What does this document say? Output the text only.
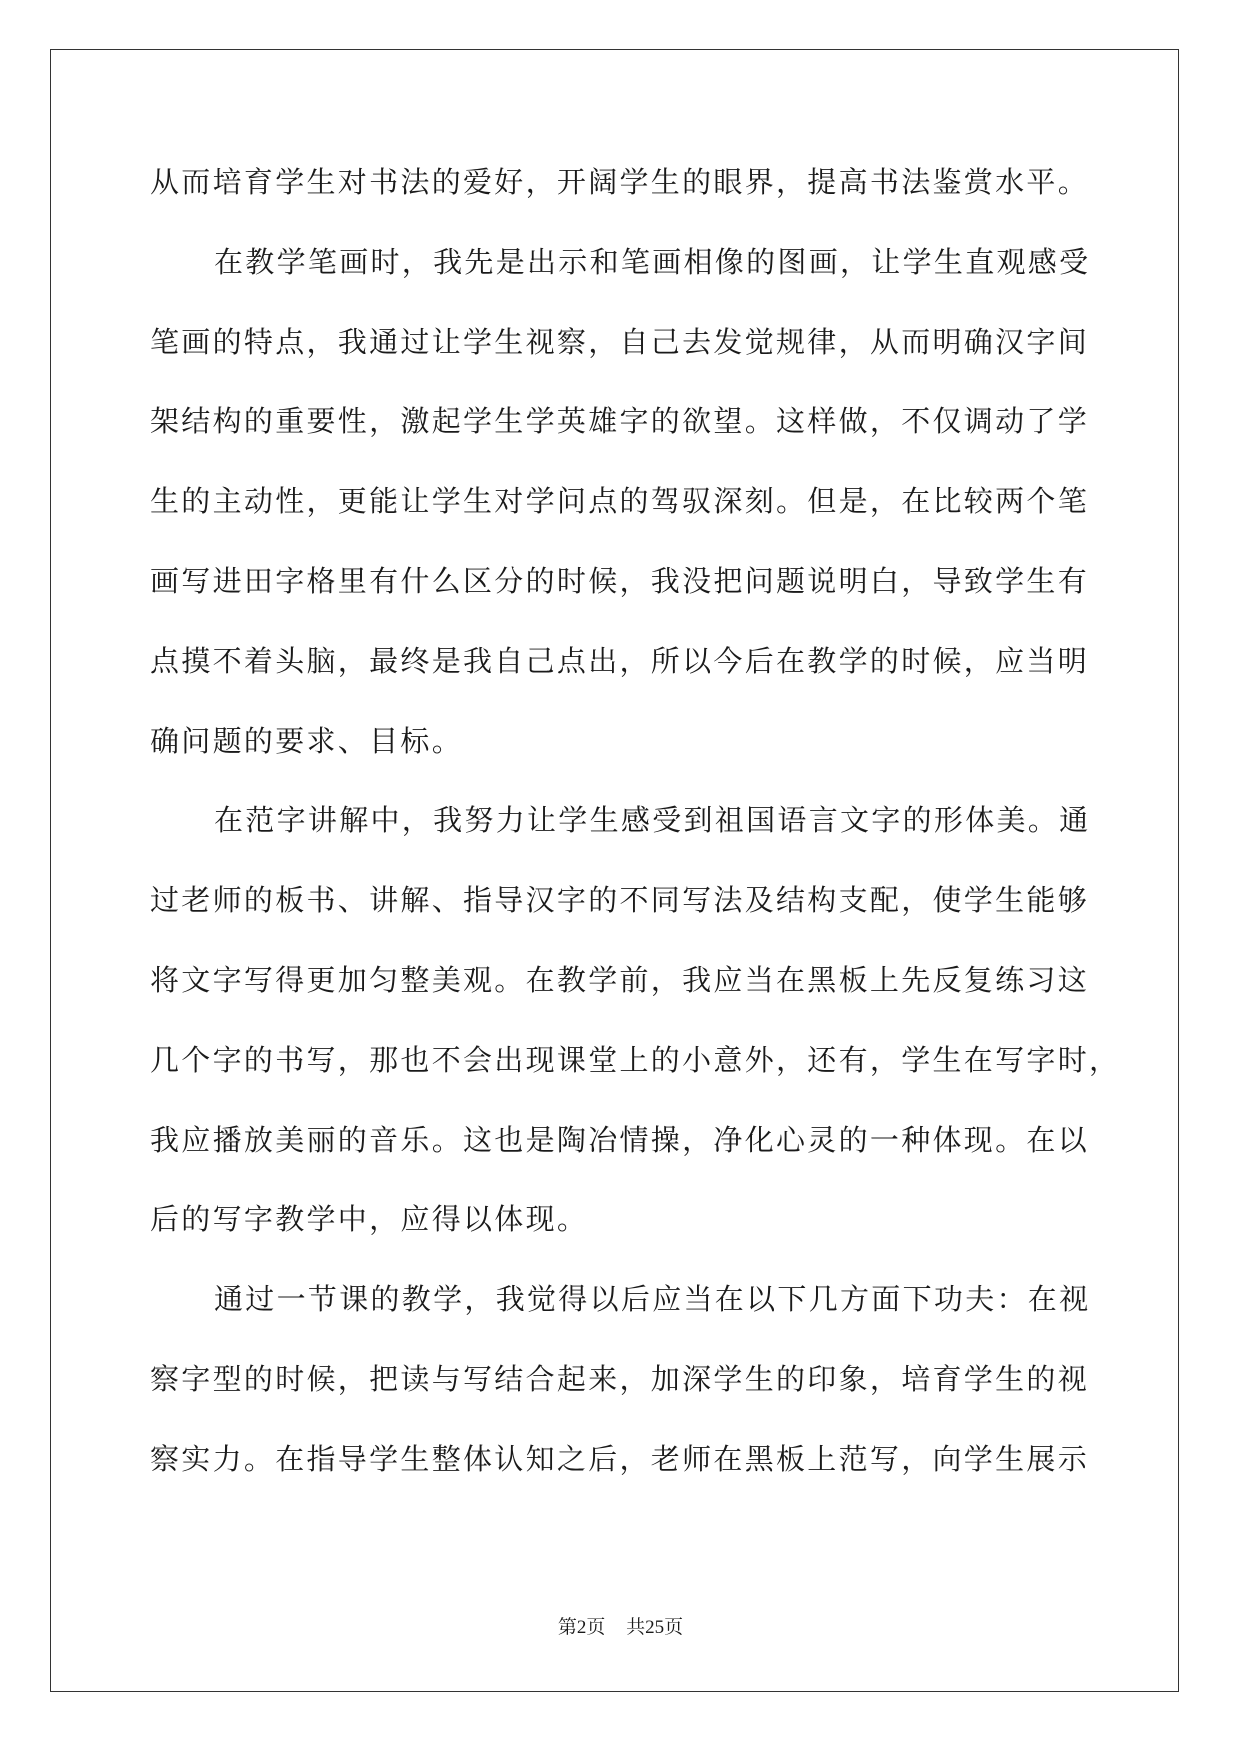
从而培育学生对书法的爱好，开阔学生的眼界，提高书法鉴赏水平。
在教学笔画时，我先是出示和笔画相像的图画，让学生直观感受
笔画的特点，我通过让学生视察，自己去发觉规律，从而明确汉字间
架结构的重要性，激起学生学英雄字的欲望。这样做，不仅调动了学
生的主动性，更能让学生对学问点的驾驭深刻。但是，在比较两个笔
画写进田字格里有什么区分的时候，我没把问题说明白，导致学生有
点摸不着头脑，最终是我自己点出，所以今后在教学的时候，应当明
确问题的要求、目标。
在范字讲解中，我努力让学生感受到祖国语言文字的形体美。通
过老师的板书、讲解、指导汉字的不同写法及结构支配，使学生能够
将文字写得更加匀整美观。在教学前，我应当在黑板上先反复练习这
几个字的书写，那也不会出现课堂上的小意外，还有，学生在写字时，
我应播放美丽的音乐。这也是陶冶情操，净化心灵的一种体现。在以
后的写字教学中，应得以体现。
通过一节课的教学，我觉得以后应当在以下几方面下功夫：在视
察字型的时候，把读与写结合起来，加深学生的印象，培育学生的视
察实力。在指导学生整体认知之后，老师在黑板上范写，向学生展示
第2页 共25页
